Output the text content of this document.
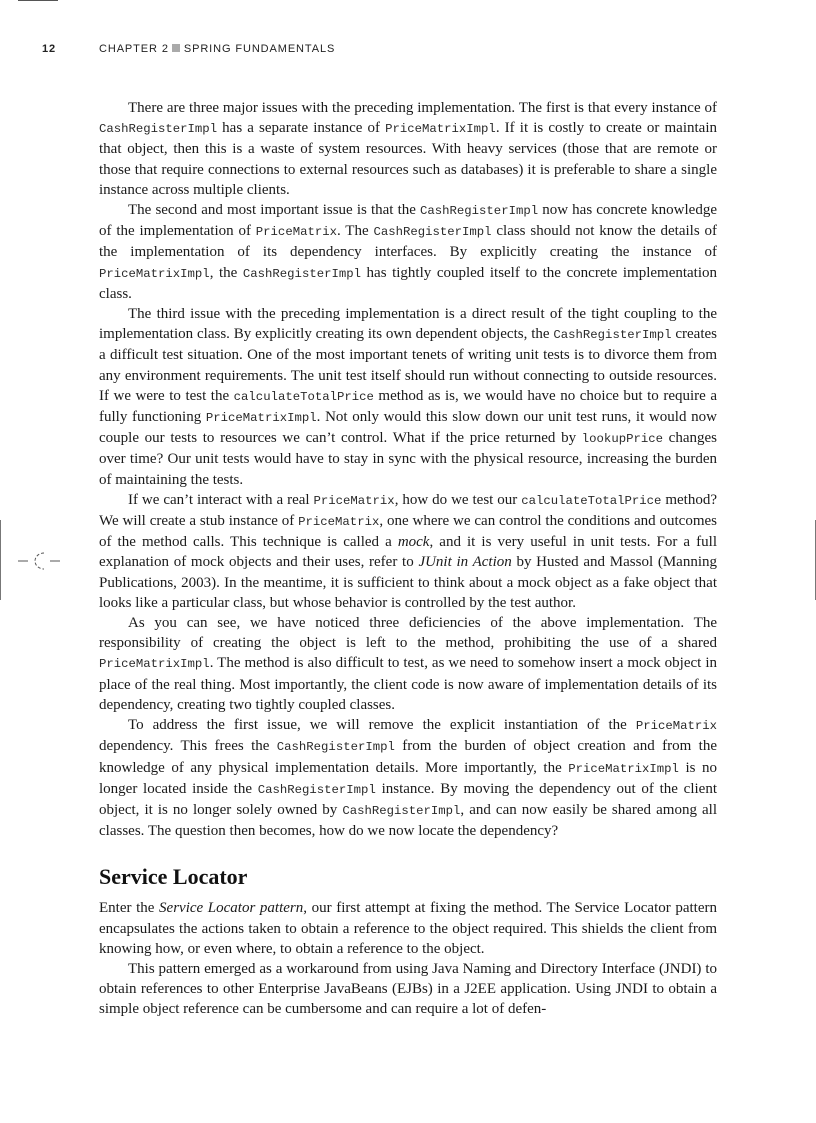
12	CHAPTER 2 SPRING FUNDAMENTALS

There are three major issues with the preceding implementation. The first is that every instance of CashRegisterImpl has a separate instance of PriceMatrixImpl. If it is costly to create or maintain that object, then this is a waste of system resources. With heavy services (those that are remote or those that require connections to external resources such as databases) it is preferable to share a single instance across multiple clients.

The second and most important issue is that the CashRegisterImpl now has concrete knowledge of the implementation of PriceMatrix. The CashRegisterImpl class should not know the details of the implementation of its dependency interfaces. By explicitly creating the instance of PriceMatrixImpl, the CashRegisterImpl has tightly coupled itself to the concrete implementation class.

The third issue with the preceding implementation is a direct result of the tight coupling to the implementation class. By explicitly creating its own dependent objects, the CashRegisterImpl creates a difficult test situation. One of the most important tenets of writing unit tests is to divorce them from any environment requirements. The unit test itself should run without connecting to outside resources. If we were to test the calculateTotalPrice method as is, we would have no choice but to require a fully functioning PriceMatrixImpl. Not only would this slow down our unit test runs, it would now couple our tests to resources we can’t control. What if the price returned by lookupPrice changes over time? Our unit tests would have to stay in sync with the physical resource, increasing the burden of maintaining the tests.

If we can’t interact with a real PriceMatrix, how do we test our calculateTotalPrice method? We will create a stub instance of PriceMatrix, one where we can control the conditions and outcomes of the method calls. This technique is called a mock, and it is very useful in unit tests. For a full explanation of mock objects and their uses, refer to JUnit in Action by Husted and Massol (Manning Publications, 2003). In the meantime, it is sufficient to think about a mock object as a fake object that looks like a particular class, but whose behavior is controlled by the test author.

As you can see, we have noticed three deficiencies of the above implementation. The responsibility of creating the object is left to the method, prohibiting the use of a shared PriceMatrixImpl. The method is also difficult to test, as we need to somehow insert a mock object in place of the real thing. Most importantly, the client code is now aware of implementation details of its dependency, creating two tightly coupled classes.

To address the first issue, we will remove the explicit instantiation of the PriceMatrix dependency. This frees the CashRegisterImpl from the burden of object creation and from the knowledge of any physical implementation details. More importantly, the PriceMatrixImpl is no longer located inside the CashRegisterImpl instance. By moving the dependency out of the client object, it is no longer solely owned by CashRegisterImpl, and can now easily be shared among all classes. The question then becomes, how do we now locate the dependency?

Service Locator

Enter the Service Locator pattern, our first attempt at fixing the method. The Service Locator pattern encapsulates the actions taken to obtain a reference to the object required. This shields the client from knowing how, or even where, to obtain a reference to the object.

This pattern emerged as a workaround from using Java Naming and Directory Interface (JNDI) to obtain references to other Enterprise JavaBeans (EJBs) in a J2EE application. Using JNDI to obtain a simple object reference can be cumbersome and can require a lot of defen-
